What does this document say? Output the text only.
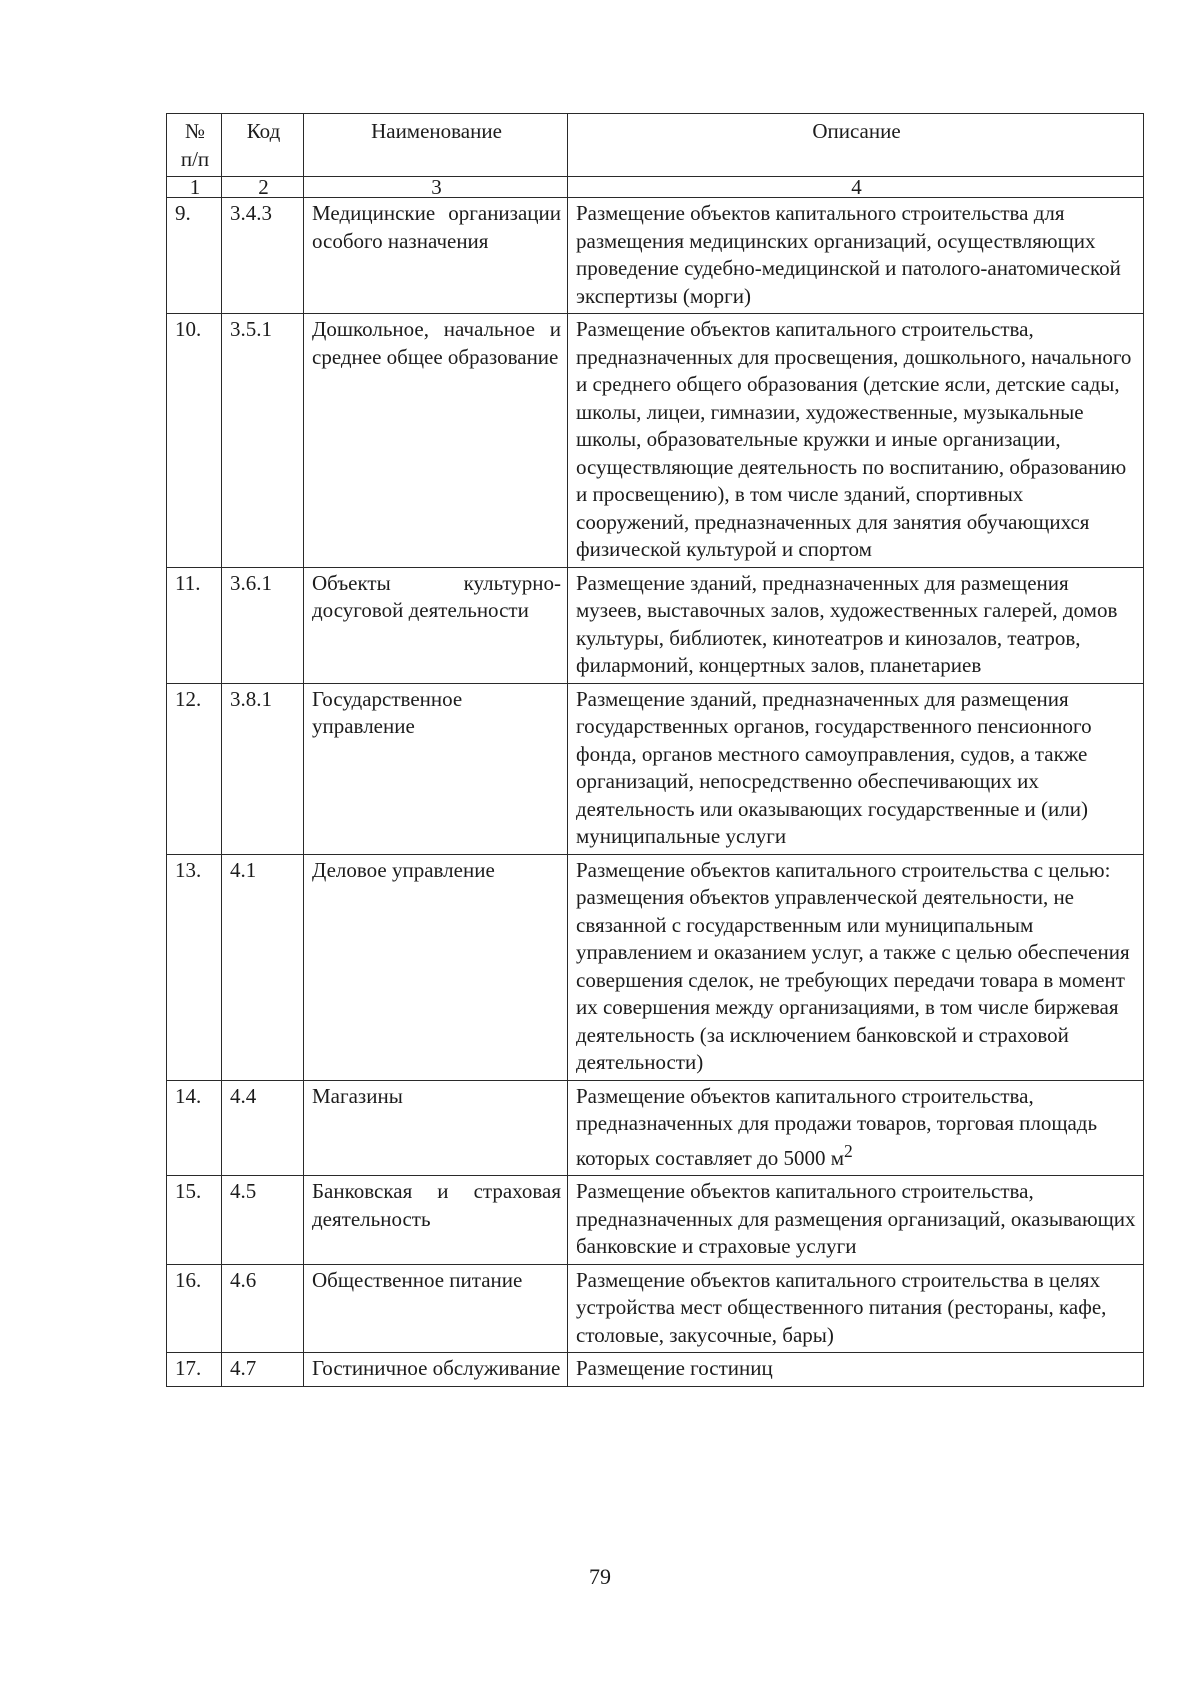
№ п/п	Код	Наименование	Описание
1	2	3	4
9.	3.4.3	Медицинские организации особого назначения	Размещение объектов капитального строительства для размещения медицинских организаций, осуществляющих проведение судебно-медицинской и патолого-анатомической экспертизы (морги)
10.	3.5.1	Дошкольное, начальное и среднее общее образование	Размещение объектов капитального строительства, предназначенных для просвещения, дошкольного, начального и среднего общего образования (детские ясли, детские сады, школы, лицеи, гимназии, художественные, музыкальные школы, образовательные кружки и иные организации, осуществляющие деятельность по воспитанию, образованию и просвещению), в том числе зданий, спортивных сооружений, предназначенных для занятия обучающихся физической культурой и спортом
11.	3.6.1	Объекты культурно-досуговой деятельности	Размещение зданий, предназначенных для размещения музеев, выставочных залов, художественных галерей, домов культуры, библиотек, кинотеатров и кинозалов, театров, филармоний, концертных залов, планетариев
12.	3.8.1	Государственное управление	Размещение зданий, предназначенных для размещения государственных органов, государственного пенсионного фонда, органов местного самоуправления, судов, а также организаций, непосредственно обеспечивающих их деятельность или оказывающих государственные и (или) муниципальные услуги
13.	4.1	Деловое управление	Размещение объектов капитального строительства с целью: размещения объектов управленческой деятельности, не связанной с государственным или муниципальным управлением и оказанием услуг, а также с целью обеспечения совершения сделок, не требующих передачи товара в момент их совершения между организациями, в том числе биржевая деятельность (за исключением банковской и страховой деятельности)
14.	4.4	Магазины	Размещение объектов капитального строительства, предназначенных для продажи товаров, торговая площадь которых составляет до 5000 $м^2$
15.	4.5	Банковская и страховая деятельность	Размещение объектов капитального строительства, предназначенных для размещения организаций, оказывающих банковские и страховые услуги
16.	4.6	Общественное питание	Размещение объектов капитального строительства в целях устройства мест общественного питания (рестораны, кафе, столовые, закусочные, бары)
17.	4.7	Гостиничное обслуживание	Размещение гостиниц
79
